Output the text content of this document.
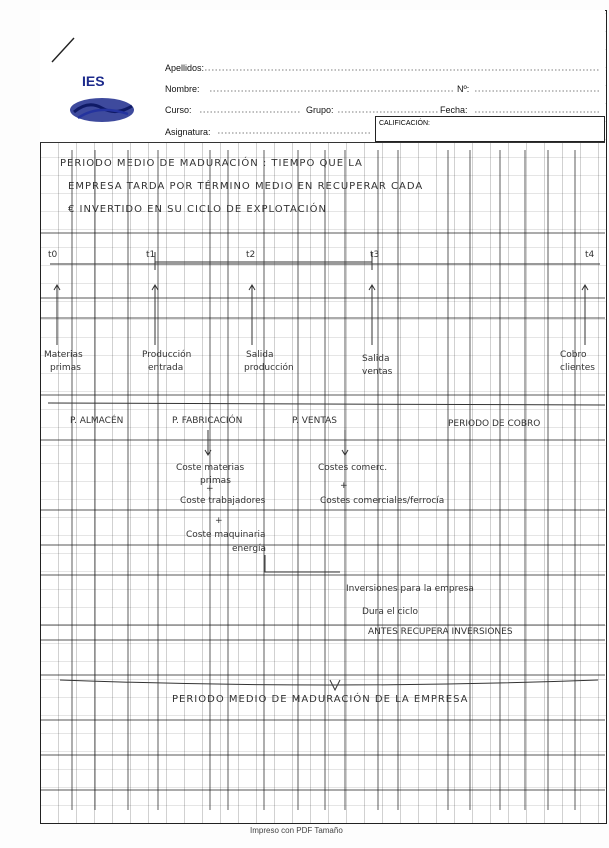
IES
Apellidos:
Nombre:	Nº:
Curso:	Grupo:	Fecha:
Asignatura:
CALIFICACIÓN:
PERIODO MEDIO DE MADURACIÓN : TIEMPO QUE LA
EMPRESA TARDA POR TÉRMINO MEDIO EN RECUPERAR CADA
€ INVERTIDO EN SU CICLO DE EXPLOTACIÓN
t0	t1	t2	t3	t4
Materias
primas
Producción
entrada
Salida
producción
Salida
ventas
Cobro
clientes
P. ALMACÉN	P. FABRICACIÓN	P. VENTAS	PERIODO DE COBRO
Coste materias
primas
+
Coste trabajadores
+
Coste maquinaria
energía
Costes comerc.
+
Costes comerciales/ferrocía
Inversiones para la empresa
Dura el ciclo
ANTES RECUPERA INVERSIONES
PERIODO MEDIO DE MADURACIÓN DE LA EMPRESA
Impreso con PDF Tamaño
